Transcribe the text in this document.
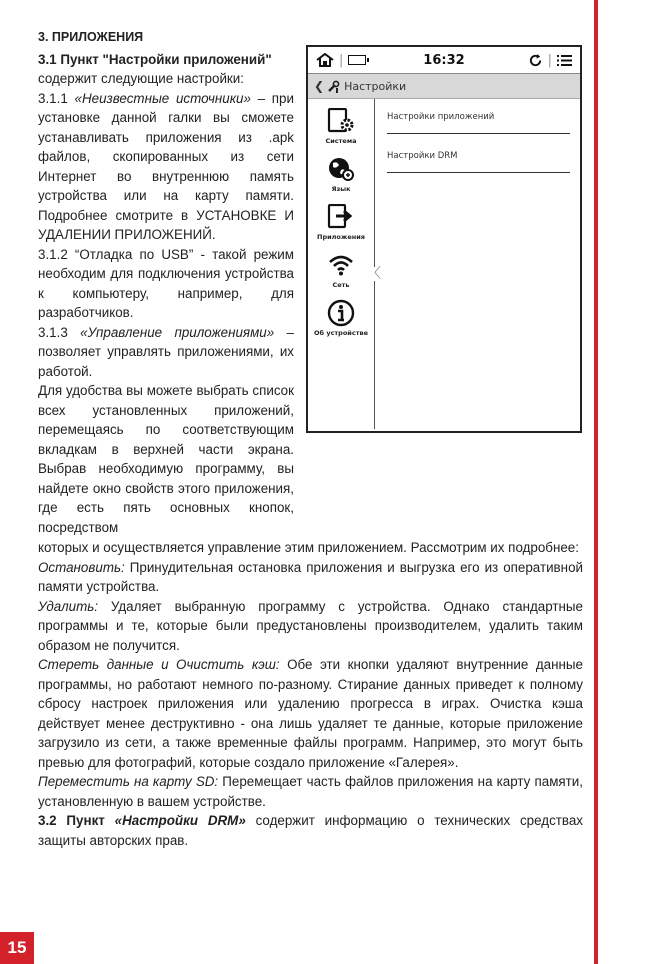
15

3. ПРИЛОЖЕНИЯ

3.1 Пункт "Настройки приложений"

содержит следующие настройки:

3.1.1 «Неизвестные источники» – при установке данной галки вы сможете устанавливать приложения из .apk файлов, скопированных из сети Интернет во внутреннюю память устройства или на карту памяти. Подробнее смотрите в УСТАНОВКЕ И УДАЛЕНИИ ПРИЛОЖЕНИЙ.

3.1.2 “Отладка по USB” - такой режим необходим для подключения устройства к компьютеру, например, для разработчиков.

3.1.3 «Управление приложениями» – позволяет управлять приложениями, их работой.

Для удобства вы можете выбрать список всех установленных приложений, перемещаясь по соответствующим вкладкам в верхней части экрана. Выбрав необходимую программу, вы найдете окно свойств этого приложения, где есть пять основных кнопок, посредством

|	16:32	|
❮ Настройки
Система
Язык
Приложения
Сеть
Об устройстве
〈
Настройки приложений
Настройки DRM

которых и осуществляется управление этим приложением. Рассмотрим их подробнее:

Остановить: Принудительная остановка приложения и выгрузка его из оперативной памяти устройства.

Удалить: Удаляет выбранную программу с устройства. Однако стандартные программы и те, которые были предустановлены производителем, удалить таким образом не получится.

Стереть данные и Очистить кэш: Обе эти кнопки удаляют внутренние данные программы, но работают немного по-разному. Стирание данных приведет к полному сбросу настроек приложения или удалению прогресса в играх. Очистка кэша действует менее деструктивно - она лишь удаляет те данные, которые приложение загрузило из сети, а также временные файлы программ. Например, это могут быть превью для фотографий, которые создало приложение «Галерея».

Переместить на карту SD: Перемещает часть файлов приложения на карту памяти, установленную в вашем устройстве.

3.2 Пункт «Настройки DRM» содержит информацию о технических средствах защиты авторских прав.
